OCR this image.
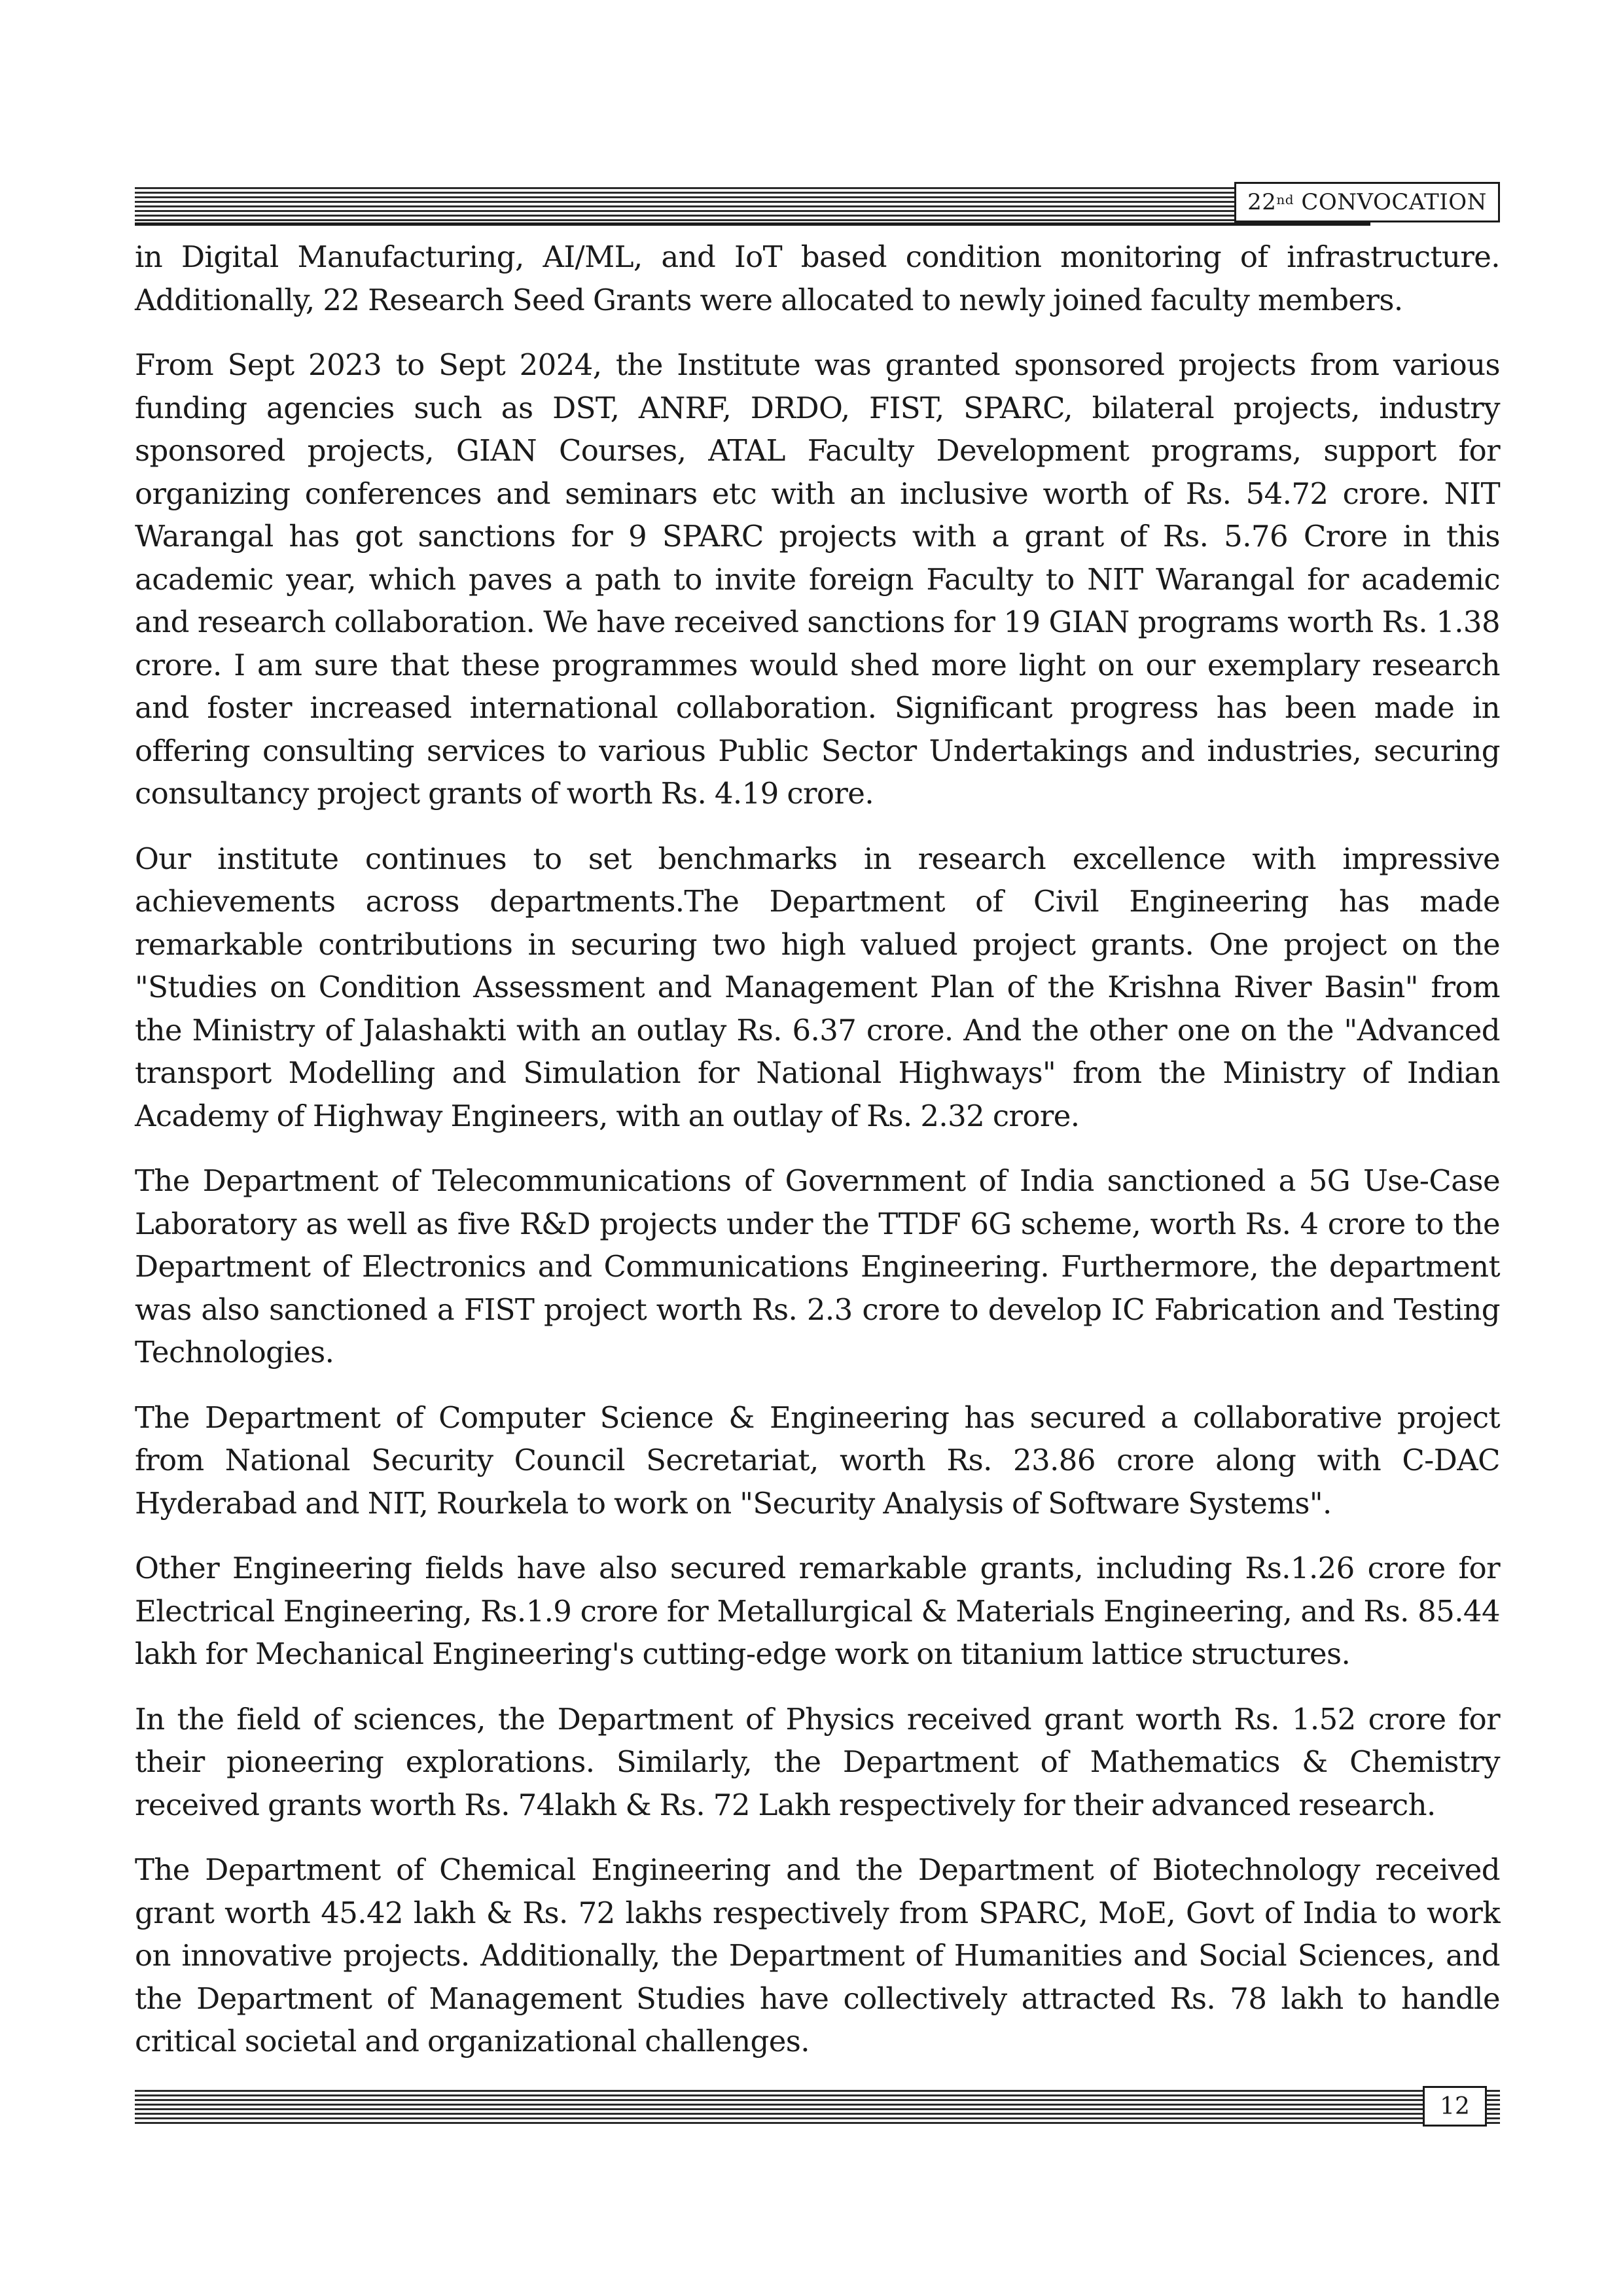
22nd
CONVOCATION

in Digital Manufacturing, AI/ML, and IoT based condition monitoring of infrastructure. Additionally, 22 Research Seed Grants were allocated to newly joined faculty members.

From Sept 2023 to Sept 2024, the Institute was granted sponsored projects from various funding agencies such as DST, ANRF, DRDO, FIST, SPARC, bilateral projects, industry sponsored projects, GIAN Courses, ATAL Faculty Development programs, support for organizing conferences and seminars etc with an inclusive worth of Rs. 54.72 crore. NIT Warangal has got sanctions for 9 SPARC projects with a grant of Rs. 5.76 Crore in this academic year, which paves a path to invite foreign Faculty to NIT Warangal for academic and research collaboration. We have received sanctions for 19 GIAN programs worth Rs. 1.38 crore. I am sure that these programmes would shed more light on our exemplary research and foster increased international collaboration. Significant progress has been made in offering consulting services to various Public Sector Undertakings and industries, securing consultancy project grants of worth Rs. 4.19 crore.

Our institute continues to set benchmarks in research excellence with impressive achievements across departments.The Department of Civil Engineering has made remarkable contributions in securing two high valued project grants. One project on the "Studies on Condition Assessment and Management Plan of the Krishna River Basin" from the Ministry of Jalashakti with an outlay Rs. 6.37 crore. And the other one on the "Advanced transport Modelling and Simulation for National Highways" from the Ministry of Indian Academy of Highway Engineers, with an outlay of Rs. 2.32 crore.

The Department of Telecommunications of Government of India sanctioned a 5G Use-Case Laboratory as well as five R&D projects under the TTDF 6G scheme, worth Rs. 4 crore to the Department of Electronics and Communications Engineering. Furthermore, the department was also sanctioned a FIST project worth Rs. 2.3 crore to develop IC Fabrication and Testing Technologies.

The Department of Computer Science & Engineering has secured a collaborative project from National Security Council Secretariat, worth Rs. 23.86 crore along with C-DAC Hyderabad and NIT, Rourkela to work on "Security Analysis of Software Systems".

Other Engineering fields have also secured remarkable grants, including Rs.1.26 crore for Electrical Engineering, Rs.1.9 crore for Metallurgical & Materials Engineering, and Rs. 85.44 lakh for Mechanical Engineering's cutting-edge work on titanium lattice structures.

In the field of sciences, the Department of Physics received grant worth Rs. 1.52 crore for their pioneering explorations. Similarly, the Department of Mathematics & Chemistry received grants worth Rs. 74lakh & Rs. 72 Lakh respectively for their advanced research.

The Department of Chemical Engineering and the Department of Biotechnology received grant worth 45.42 lakh & Rs. 72 lakhs respectively from SPARC, MoE, Govt of India to work on innovative projects. Additionally, the Department of Humanities and Social Sciences, and the Department of Management Studies have collectively attracted Rs. 78 lakh to handle critical societal and organizational challenges.

12
